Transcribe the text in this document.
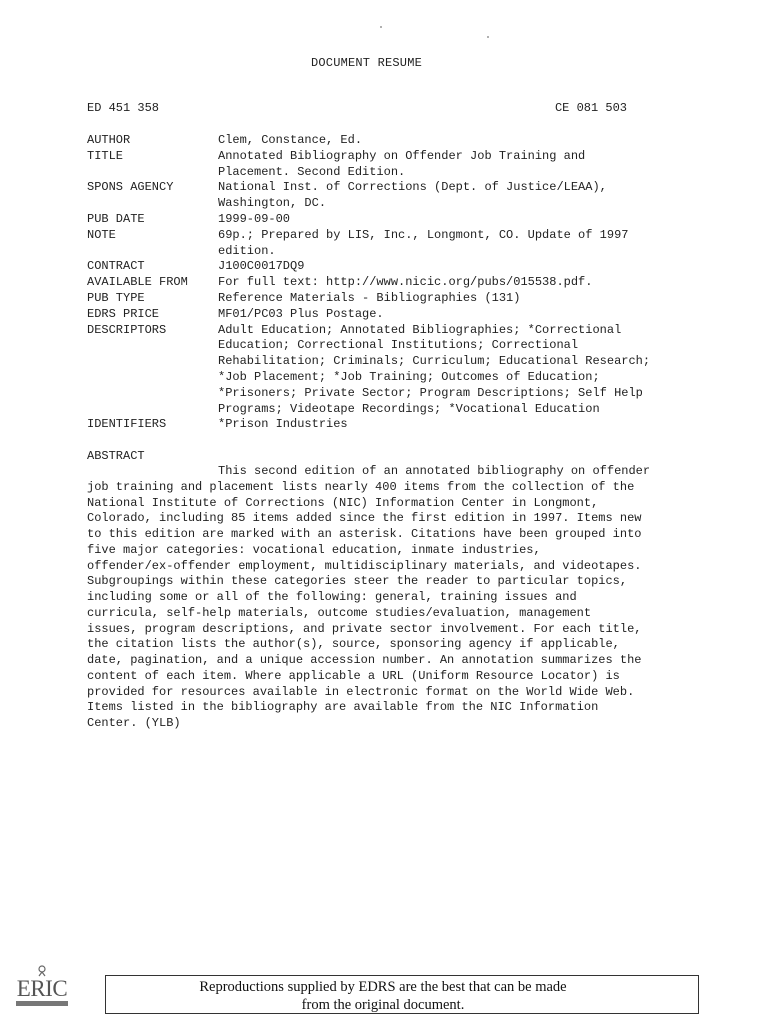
DOCUMENT RESUME
ED 451 358	CE 081 503
AUTHOR	Clem, Constance, Ed.
TITLE	Annotated Bibliography on Offender Job Training and
Placement. Second Edition.
SPONS AGENCY	National Inst. of Corrections (Dept. of Justice/LEAA),
Washington, DC.
PUB DATE	1999-09-00
NOTE	69p.; Prepared by LIS, Inc., Longmont, CO. Update of 1997
edition.
CONTRACT	J100C0017DQ9
AVAILABLE FROM	For full text: http://www.nicic.org/pubs/015538.pdf.
PUB TYPE	Reference Materials - Bibliographies (131)
EDRS PRICE	MF01/PC03 Plus Postage.
DESCRIPTORS	Adult Education; Annotated Bibliographies; *Correctional
Education; Correctional Institutions; Correctional
Rehabilitation; Criminals; Curriculum; Educational Research;
*Job Placement; *Job Training; Outcomes of Education;
*Prisoners; Private Sector; Program Descriptions; Self Help
Programs; Videotape Recordings; *Vocational Education
IDENTIFIERS	*Prison Industries
ABSTRACT
This second edition of an annotated bibliography on offender
job training and placement lists nearly 400 items from the collection of the
National Institute of Corrections (NIC) Information Center in Longmont,
Colorado, including 85 items added since the first edition in 1997. Items new
to this edition are marked with an asterisk. Citations have been grouped into
five major categories: vocational education, inmate industries,
offender/ex-offender employment, multidisciplinary materials, and videotapes.
Subgroupings within these categories steer the reader to particular topics,
including some or all of the following: general, training issues and
curricula, self-help materials, outcome studies/evaluation, management
issues, program descriptions, and private sector involvement. For each title,
the citation lists the author(s), source, sponsoring agency if applicable,
date, pagination, and a unique accession number. An annotation summarizes the
content of each item. Where applicable a URL (Uniform Resource Locator) is
provided for resources available in electronic format on the World Wide Web.
Items listed in the bibliography are available from the NIC Information
Center. (YLB)
ERIC	Reproductions supplied by EDRS are the best that can be made
from the original document.
